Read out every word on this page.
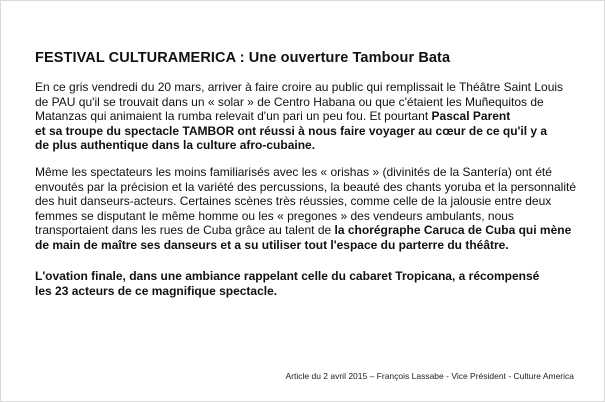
FESTIVAL CULTURAMERICA : Une ouverture Tambour Bata
En ce gris vendredi du 20 mars, arriver à faire croire au public qui remplissait le Théâtre Saint Louis
de PAU qu'il se trouvait dans un « solar » de Centro Habana ou que c'étaient les Muñequitos de
Matanzas qui animaient la rumba relevait d'un pari un peu fou. Et pourtant Pascal Parent
et sa troupe du spectacle TAMBOR ont réussi à nous faire voyager au cœur de ce qu'il y a
de plus authentique dans la culture afro-cubaine.
Même les spectateurs les moins familiarisés avec les « orishas » (divinités de la Santería) ont été
envoutés par la précision et la variété des percussions, la beauté des chants yoruba et la personnalité
des huit danseurs-acteurs. Certaines scènes très réussies, comme celle de la jalousie entre deux
femmes se disputant le même homme ou les « pregones » des vendeurs ambulants, nous
transportaient dans les rues de Cuba grâce au talent de la chorégraphe Caruca de Cuba qui mène
de main de maître ses danseurs et a su utiliser tout l'espace du parterre du théâtre.
L'ovation finale, dans une ambiance rappelant celle du cabaret Tropicana, a récompensé
les 23 acteurs de ce magnifique spectacle.
Article du 2 avril 2015 – François Lassabe - Vice Président - Culture America
